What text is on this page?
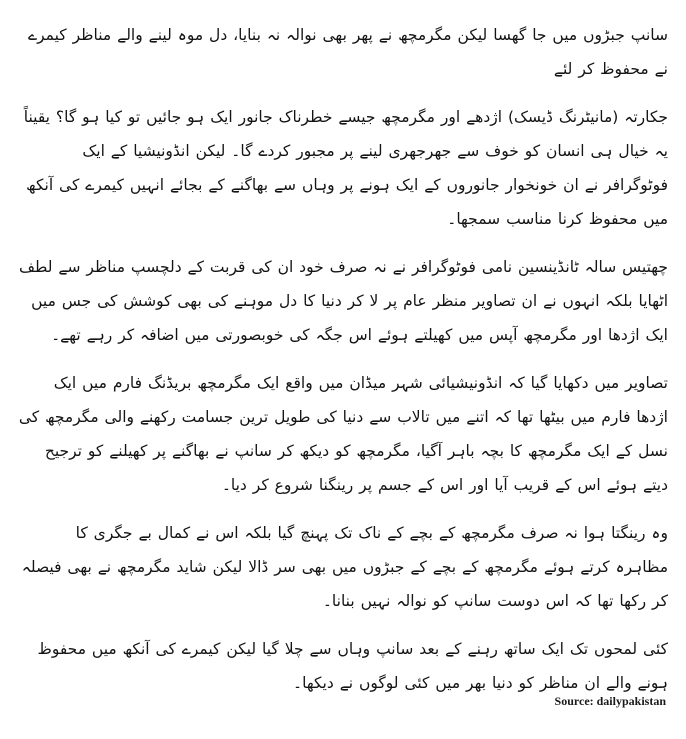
سانپ جبڑوں میں جا گھسا لیکن مگرمچھ نے پھر بھی نوالہ نہ بنایا، دل موہ لینے والے مناظر کیمرے نے محفوظ کر لئے

جکارتہ (مانیٹرنگ ڈیسک) اژدھے اور مگرمچھ جیسے خطرناک جانور ایک ہو جائیں تو کیا ہو گا؟ یقیناً یہ خیال ہی انسان کو خوف سے جھرجھری لینے پر مجبور کردے گا۔ لیکن انڈونیشیا کے ایک فوٹوگرافر نے ان خونخوار جانوروں کے ایک ہونے پر وہاں سے بھاگنے کے بجائے انہیں کیمرے کی آنکھ میں محفوظ کرنا مناسب سمجھا۔

چھتیس سالہ ٹانڈینسین نامی فوٹوگرافر نے نہ صرف خود ان کی قربت کے دلچسپ مناظر سے لطف اٹھایا بلکہ انہوں نے ان تصاویر منظر عام پر لا کر دنیا کا دل موہنے کی بھی کوشش کی جس میں ایک اژدھا اور مگرمچھ آپس میں کھیلتے ہوئے اس جگہ کی خوبصورتی میں اضافہ کر رہے تھے۔

تصاویر میں دکھایا گیا کہ انڈونیشیائی شہر میڈان میں واقع ایک مگرمچھ بریڈنگ فارم میں ایک اژدھا فارم میں بیٹھا تھا کہ اتنے میں تالاب سے دنیا کی طویل ترین جسامت رکھنے والی مگرمچھ کی نسل کے ایک مگرمچھ کا بچہ باہر آگیا، مگرمچھ کو دیکھ کر سانپ نے بھاگنے پر کھیلنے کو ترجیح دیتے ہوئے اس کے قریب آیا اور اس کے جسم پر رینگنا شروع کر دیا۔

وہ رینگتا ہوا نہ صرف مگرمچھ کے بچے کے ناک تک پہنچ گیا بلکہ اس نے کمال بے جگری کا مظاہرہ کرتے ہوئے مگرمچھ کے بچے کے جبڑوں میں بھی سر ڈالا لیکن شاید مگرمچھ نے بھی فیصلہ کر رکھا تھا کہ اس دوست سانپ کو نوالہ نہیں بنانا۔

کئی لمحوں تک ایک ساتھ رہنے کے بعد سانپ وہاں سے چلا گیا لیکن کیمرے کی آنکھ میں محفوظ ہونے والے ان مناظر کو دنیا بھر میں کئی لوگوں نے دیکھا۔

Source: dailypakistan
